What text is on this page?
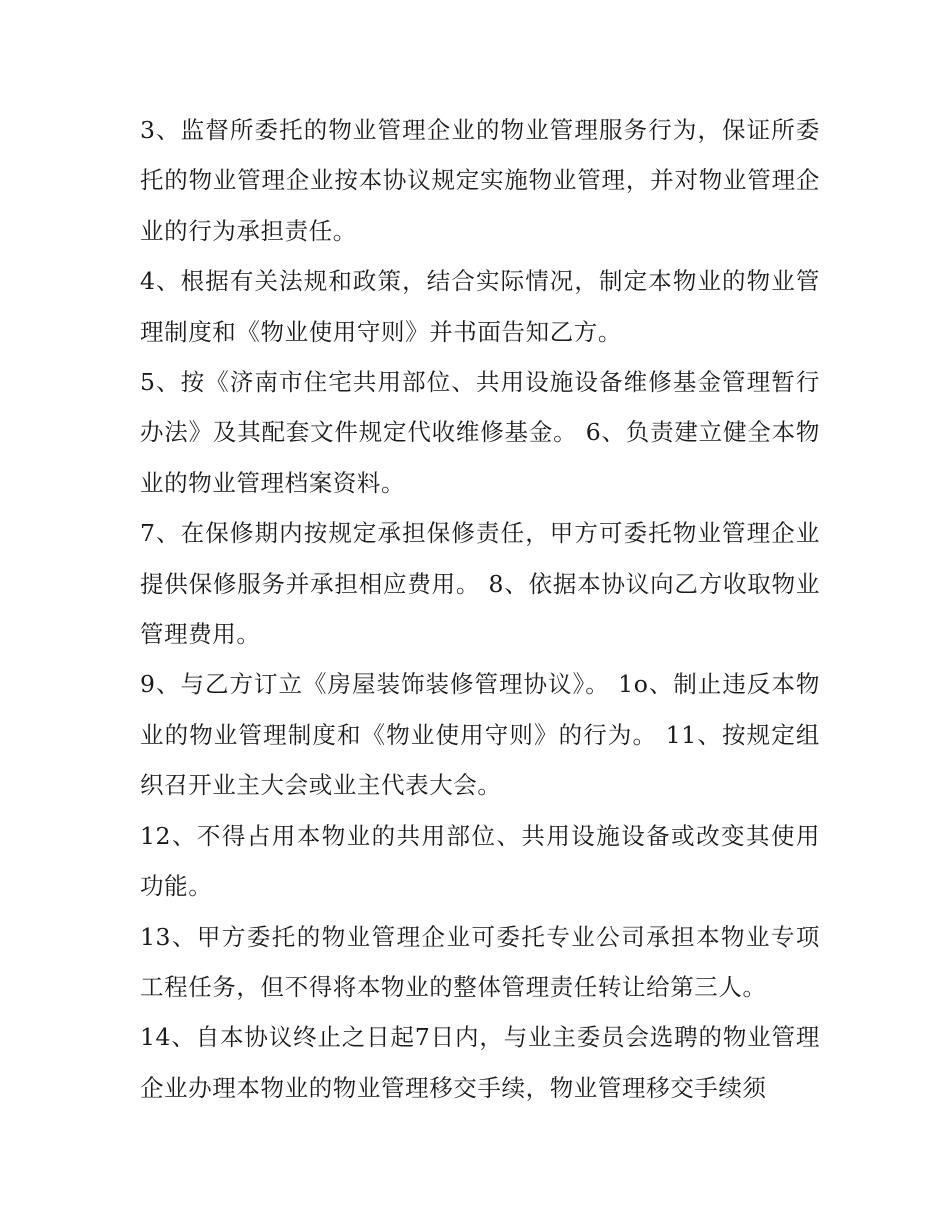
3、监督所委托的物业管理企业的物业管理服务行为，保证所委托的物业管理企业按本协议规定实施物业管理，并对物业管理企业的行为承担责任。

4、根据有关法规和政策，结合实际情况，制定本物业的物业管理制度和《物业使用守则》并书面告知乙方。

5、按《济南市住宅共用部位、共用设施设备维修基金管理暂行办法》及其配套文件规定代收维修基金。 6、负责建立健全本物业的物业管理档案资料。

7、在保修期内按规定承担保修责任，甲方可委托物业管理企业提供保修服务并承担相应费用。 8、依据本协议向乙方收取物业管理费用。

9、与乙方订立《房屋装饰装修管理协议》。 1o、制止违反本物业的物业管理制度和《物业使用守则》的行为。 11、按规定组织召开业主大会或业主代表大会。

12、不得占用本物业的共用部位、共用设施设备或改变其使用功能。

13、甲方委托的物业管理企业可委托专业公司承担本物业专项工程任务，但不得将本物业的整体管理责任转让给第三人。

14、自本协议终止之日起7日内，与业主委员会选聘的物业管理企业办理本物业的物业管理移交手续，物业管理移交手续须
